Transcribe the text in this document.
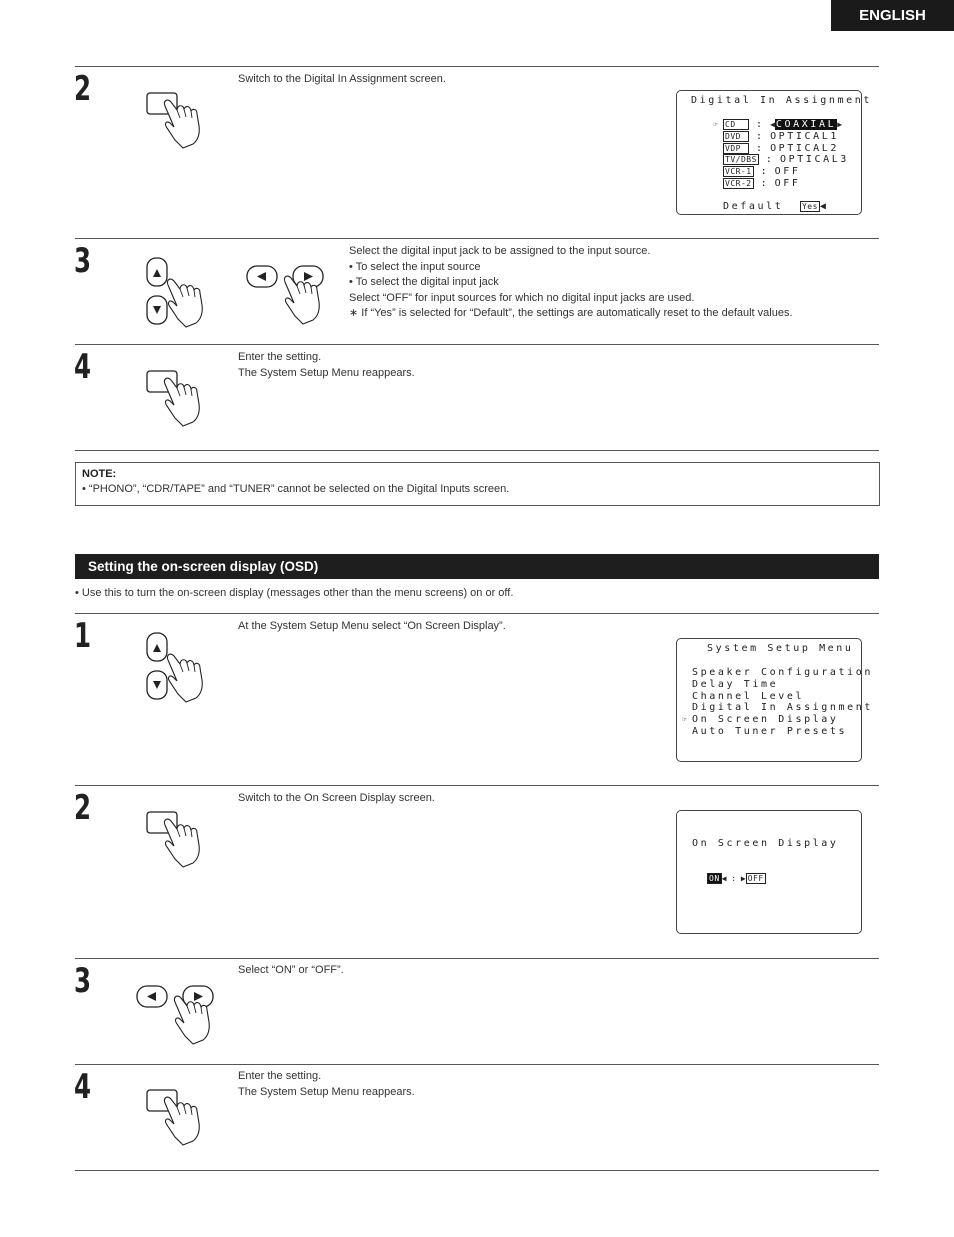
ENGLISH
2	Switch to the Digital In Assignment screen.
Digital In Assignment
☞ CD : ◀COAXIAL▶
DVD : OPTICAL1
VDP : OPTICAL2
TV/DBS : OPTICAL3
VCR-1 : OFF
VCR-2 : OFF
Default Yes ◀
3	Select the digital input jack to be assigned to the input source.
• To select the input source
• To select the digital input jack
Select “OFF” for input sources for which no digital input jacks are used.
∗ If “Yes” is selected for “Default”, the settings are automatically reset to the default values.
4	Enter the setting.
The System Setup Menu reappears.
NOTE:
• “PHONO”, “CDR/TAPE” and “TUNER” cannot be selected on the Digital Inputs screen.
Setting the on-screen display (OSD)
• Use this to turn the on-screen display (messages other than the menu screens) on or off.
1	At the System Setup Menu select “On Screen Display”.
System Setup Menu
Speaker Configuration
Delay Time
Channel Level
Digital In Assignment
☞ On Screen Display
Auto Tuner Presets
2	Switch to the On Screen Display screen.
On Screen Display
ON ◀ : ▶ OFF
3	Select “ON” or “OFF”.
4	Enter the setting.
The System Setup Menu reappears.
